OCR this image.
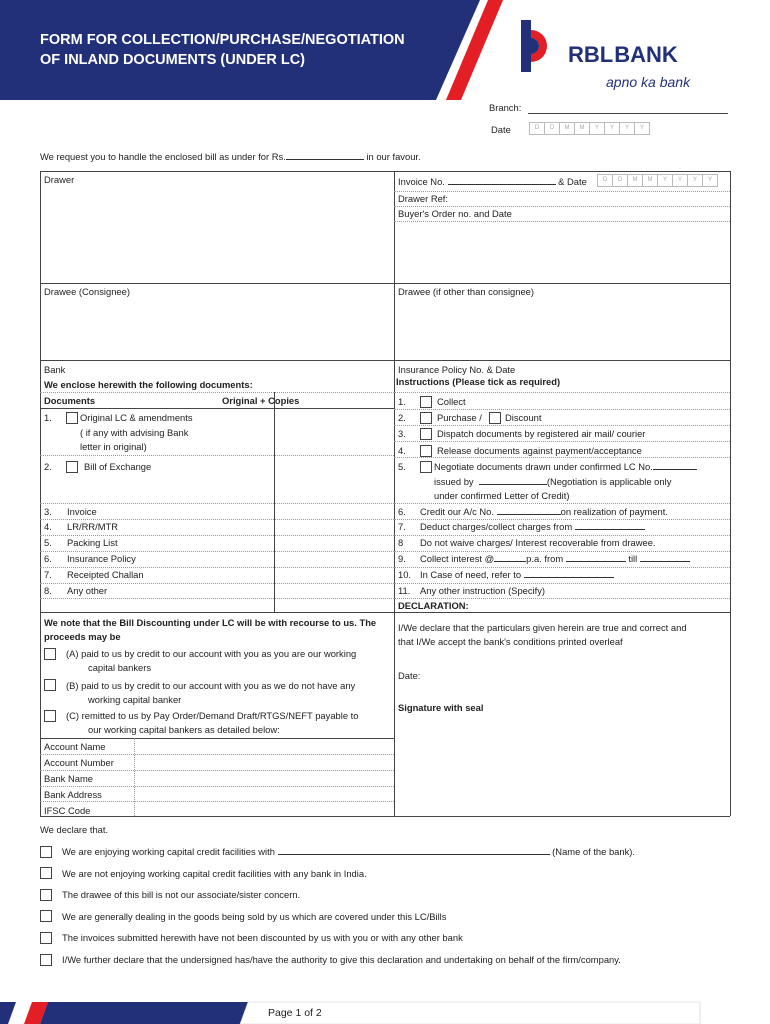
FORM FOR COLLECTION/PURCHASE/NEGOTIATION
OF INLAND DOCUMENTS (UNDER LC)	RBLBANK
apno ka bank
Branch:
Date	D	D	M	M	Y	Y	Y	Y
We request you to handle the enclosed bill as under for Rs.	in our favour.
Drawer
Drawee (Consignee)
Bank
We enclose herewith the following documents:
Documents	Original + Copies
1.	Original LC & amendments
( if any with advising Bank
letter in original)
2.	Bill of Exchange
3. Invoice
4. LR/RR/MTR
5. Packing List
6. Insurance Policy
7. Receipted Challan
8. Any other
We note that the Bill Discounting under LC will be with recourse to us. The
proceeds may be
(A) paid to us by credit to our account with you as you are our working
capital bankers
(B) paid to us by credit to our account with you as we do not have any
working capital banker
(C) remitted to us by Pay Order/Demand Draft/RTGS/NEFT payable to
our working capital bankers as detailed below:
Account Name
Account Number
Bank Name
Bank Address
IFSC Code
Invoice No.	& Date	D	D	M	M	Y	Y	Y	Y
Drawer Ref:
Buyer's Order no. and Date
Drawee (if other than consignee)
Insurance Policy No. & Date
Instructions (Please tick as required)
1.	Collect
2.	Purchase / Discount
3.	Dispatch documents by registered air mail/ courier
4.	Release documents against payment/acceptance
5.	Negotiate documents drawn under confirmed LC No.
issued by	(Negotiation is applicable only
under confirmed Letter of Credit)
6. Credit our A/c No.	on realization of payment.
7. Deduct charges/collect charges from
8 Do not waive charges/ Interest recoverable from drawee.
9. Collect interest @	p.a. from	till
10. In Case of need, refer to
11. Any other instruction (Specify)
DECLARATION:
I/We declare that the particulars given herein are true and correct and
that I/We accept the bank's conditions printed overleaf
Date:
Signature with seal
We declare that.
We are enjoying working capital credit facilities with	(Name of the bank).
We are not enjoying working capital credit facilities with any bank in India.
The drawee of this bill is not our associate/sister concern.
We are generally dealing in the goods being sold by us which are covered under this LC/Bills
The invoices submitted herewith have not been discounted by us with you or with any other bank
I/We further declare that the undersigned has/have the authority to give this declaration and undertaking on behalf of the firm/company.
Page 1 of 2
